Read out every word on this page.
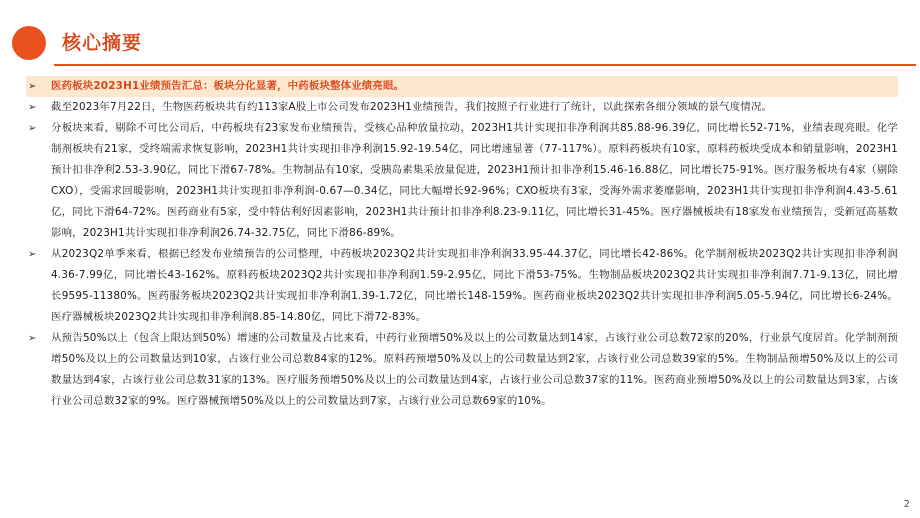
核心摘要
➢	医药板块2023H1业绩预告汇总：板块分化显著，中药板块整体业绩亮眼。
➢	截至2023年7月22日，生物医药板块共有约113家A股上市公司发布2023H1业绩预告，我们按照子行业进行了统计，以此探索各细分领域的景气度情况。
➢	分板块来看，剔除不可比公司后，中药板块有23家发布业绩预告，受核心品种放量拉动，2023H1共计实现扣非净利润共85.88-96.39亿，同比增长52-71%，业绩表现亮眼。化学制剂板块有21家，受终端需求恢复影响，2023H1共计实现扣非净利润15.92-19.54亿，同比增速显著（77-117%）。原料药板块有10家，原料药板块受成本和销量影响，2023H1预计扣非净利2.53-3.90亿，同比下滑67-78%。生物制品有10家，受胰岛素集采放量促进，2023H1预计扣非净利15.46-16.88亿，同比增长75-91%。医疗服务板块有4家（剔除CXO），受需求回暖影响，2023H1共计实现扣非净利润-0.67—0.34亿，同比大幅增长92-96%；CXO板块有3家，受海外需求萎靡影响，2023H1共计实现扣非净利润4.43-5.61亿，同比下滑64-72%。医药商业有5家，受中特估利好因素影响，2023H1共计预计扣非净利8.23-9.11亿，同比增长31-45%。医疗器械板块有18家发布业绩预告，受新冠高基数影响，2023H1共计实现扣非净利润26.74-32.75亿，同比下滑86-89%。
➢	从2023Q2单季来看，根据已经发布业绩预告的公司整理，中药板块2023Q2共计实现扣非净利润33.95-44.37亿，同比增长42-86%。化学制剂板块2023Q2共计实现扣非净利润4.36-7.99亿，同比增长43-162%。原料药板块2023Q2共计实现扣非净利润1.59-2.95亿，同比下滑53-75%。生物制品板块2023Q2共计实现扣非净利润7.71-9.13亿，同比增长9595-11380%。医药服务板块2023Q2共计实现扣非净利润1.39-1.72亿，同比增长148-159%。医药商业板块2023Q2共计实现扣非净利润5.05-5.94亿，同比增长6-24%。医疗器械板块2023Q2共计实现扣非净利润8.85-14.80亿，同比下滑72-83%。
➢	从预告50%以上（包含上限达到50%）增速的公司数量及占比来看，中药行业预增50%及以上的公司数量达到14家，占该行业公司总数72家的20%，行业景气度居首。化学制剂预增50%及以上的公司数量达到10家，占该行业公司总数84家的12%。原料药预增50%及以上的公司数量达到2家，占该行业公司总数39家的5%。生物制品预增50%及以上的公司数量达到4家，占该行业公司总数31家的13%。医疗服务预增50%及以上的公司数量达到4家，占该行业公司总数37家的11%。医药商业预增50%及以上的公司数量达到3家，占该行业公司总数32家的9%。医疗器械预增50%及以上的公司数量达到7家，占该行业公司总数69家的10%。
2
